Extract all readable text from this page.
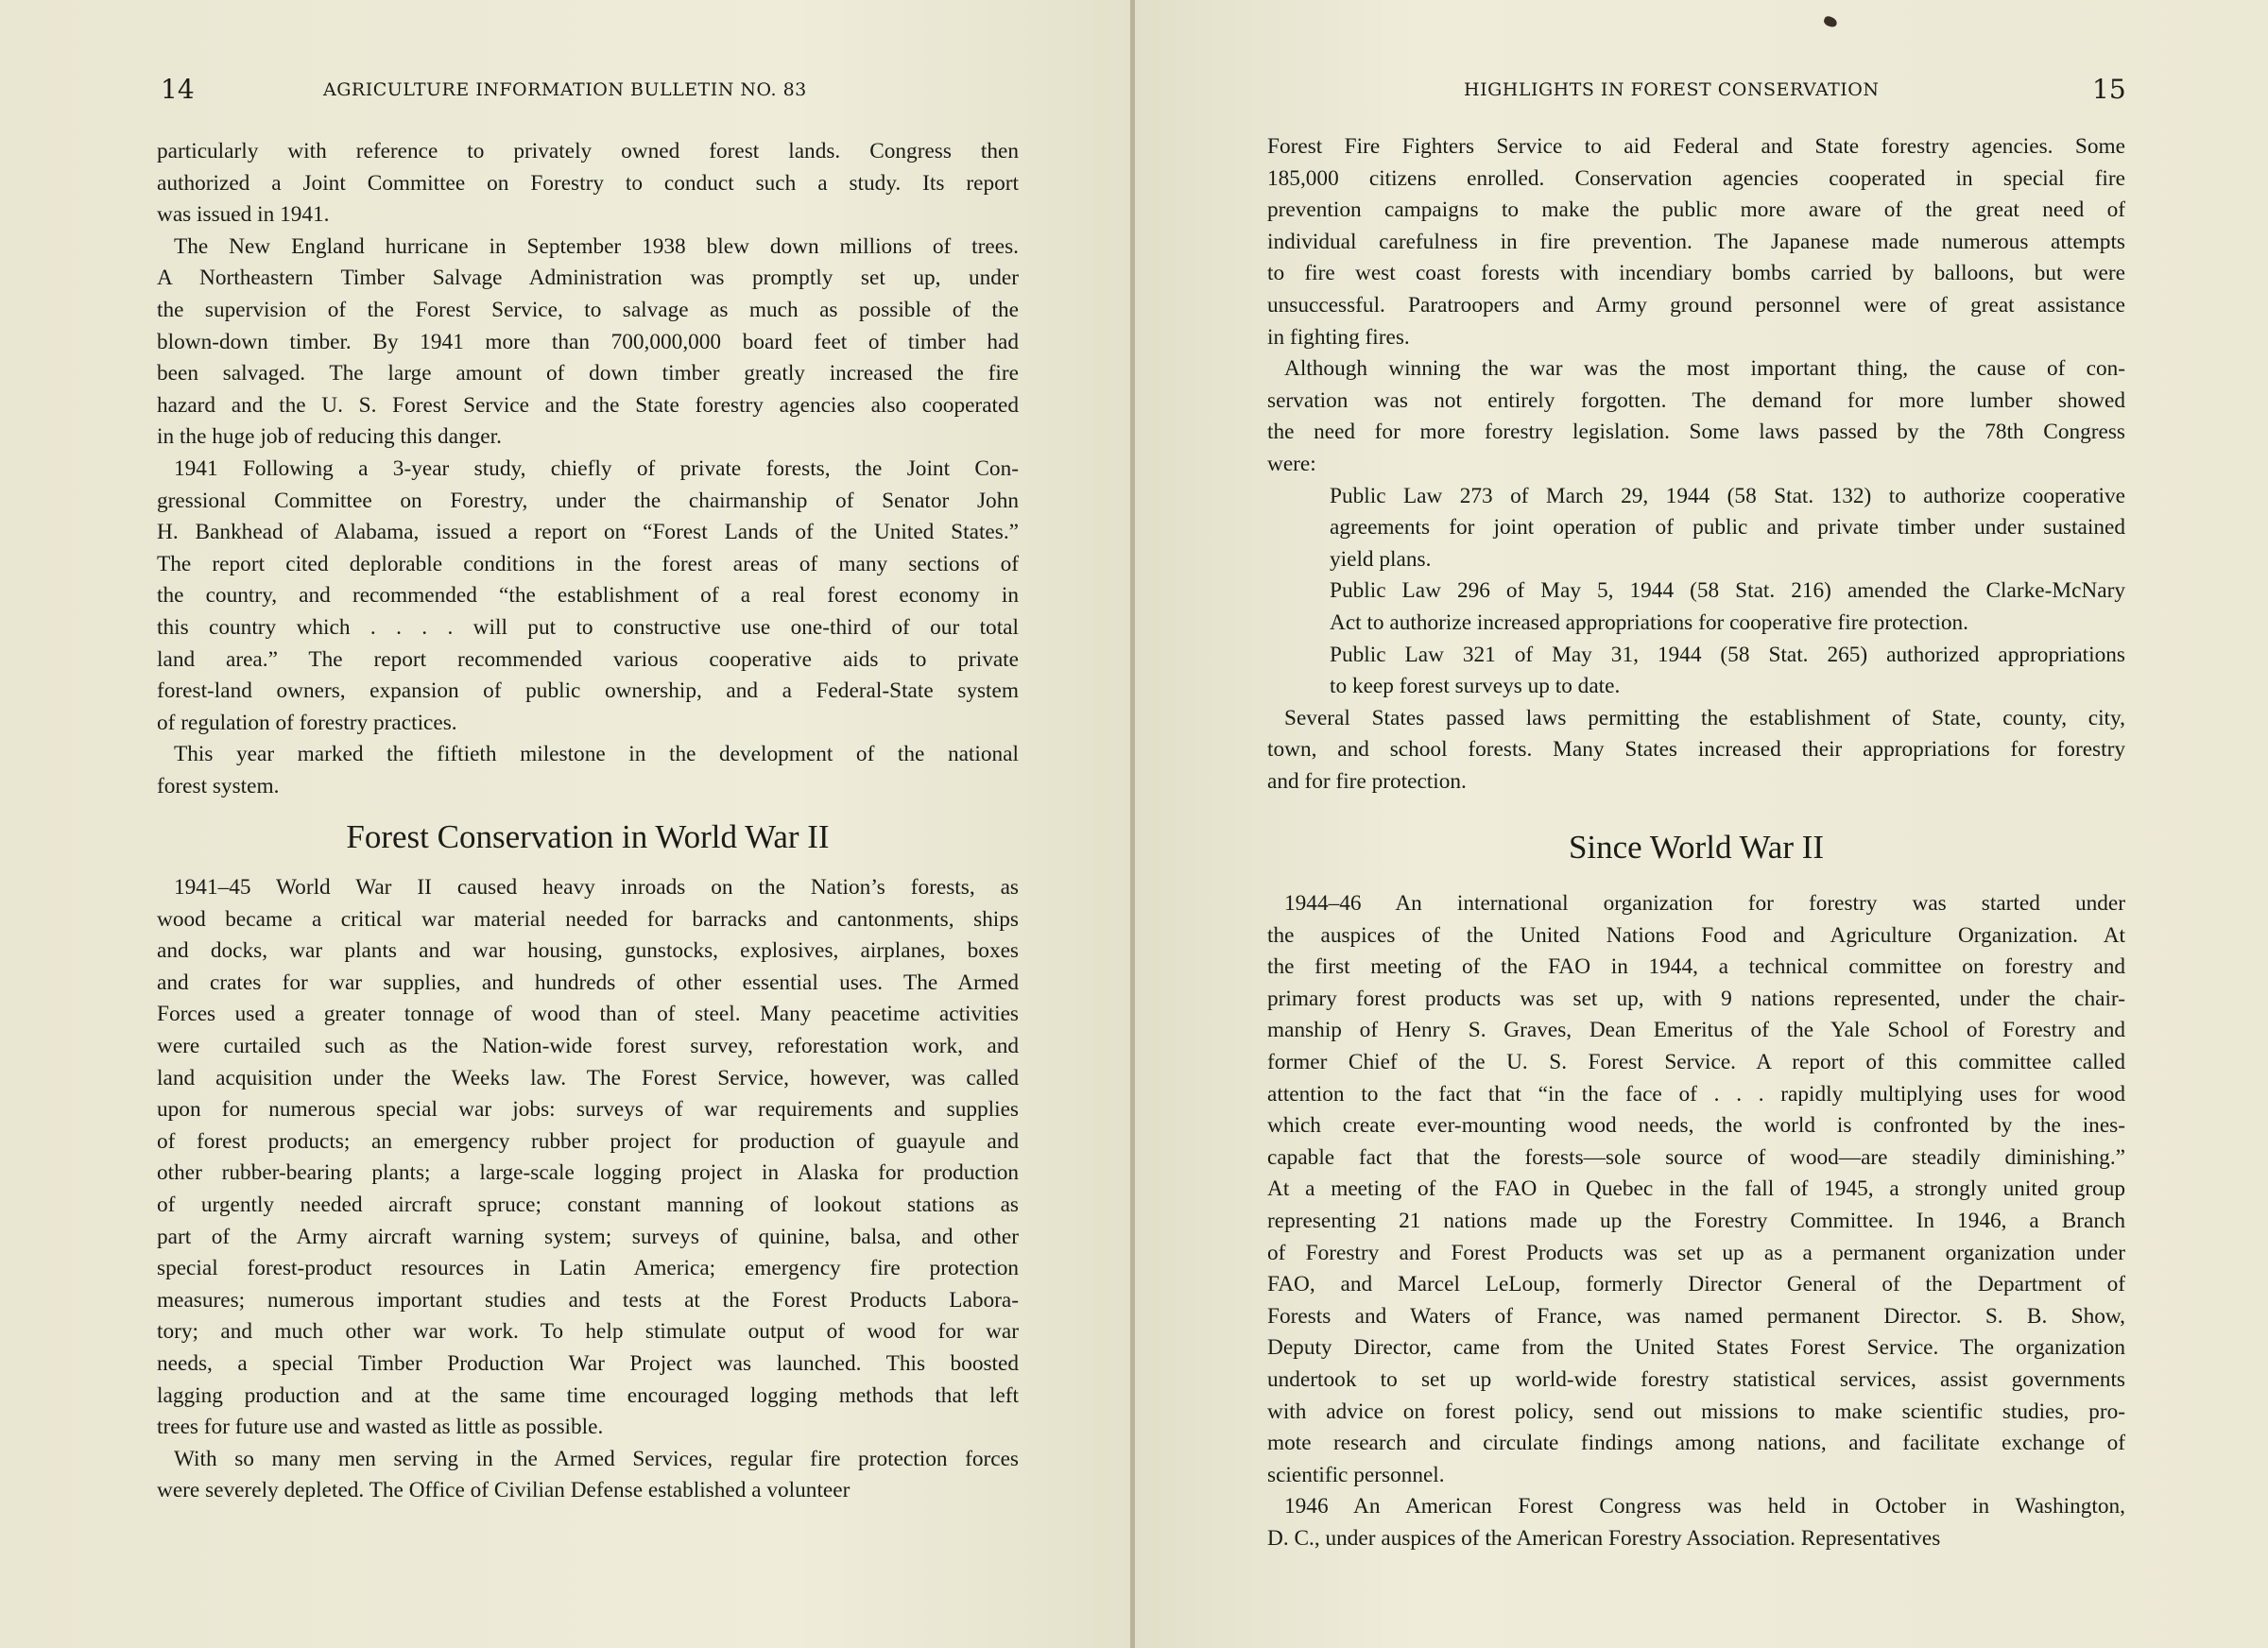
14	AGRICULTURE INFORMATION BULLETIN NO. 83

particularly with reference to privately owned forest lands. Congress then
authorized a Joint Committee on Forestry to conduct such a study. Its report
was issued in 1941.

The New England hurricane in September 1938 blew down millions of trees.
A Northeastern Timber Salvage Administration was promptly set up, under
the supervision of the Forest Service, to salvage as much as possible of the
blown-down timber. By 1941 more than 700,000,000 board feet of timber had
been salvaged. The large amount of down timber greatly increased the fire
hazard and the U. S. Forest Service and the State forestry agencies also cooperated
in the huge job of reducing this danger.

1941 Following a 3-year study, chiefly of private forests, the Joint Con-
gressional Committee on Forestry, under the chairmanship of Senator John
H. Bankhead of Alabama, issued a report on “Forest Lands of the United States.”
The report cited deplorable conditions in the forest areas of many sections of
the country, and recommended “the establishment of a real forest economy in
this country which . . . . will put to constructive use one-third of our total
land area.” The report recommended various cooperative aids to private
forest-land owners, expansion of public ownership, and a Federal-State system
of regulation of forestry practices.

This year marked the fiftieth milestone in the development of the national
forest system.

Forest Conservation in World War II

1941–45 World War II caused heavy inroads on the Nation’s forests, as
wood became a critical war material needed for barracks and cantonments, ships
and docks, war plants and war housing, gunstocks, explosives, airplanes, boxes
and crates for war supplies, and hundreds of other essential uses. The Armed
Forces used a greater tonnage of wood than of steel. Many peacetime activities
were curtailed such as the Nation-wide forest survey, reforestation work, and
land acquisition under the Weeks law. The Forest Service, however, was called
upon for numerous special war jobs: surveys of war requirements and supplies
of forest products; an emergency rubber project for production of guayule and
other rubber-bearing plants; a large-scale logging project in Alaska for production
of urgently needed aircraft spruce; constant manning of lookout stations as
part of the Army aircraft warning system; surveys of quinine, balsa, and other
special forest-product resources in Latin America; emergency fire protection
measures; numerous important studies and tests at the Forest Products Labora-
tory; and much other war work. To help stimulate output of wood for war
needs, a special Timber Production War Project was launched. This boosted
lagging production and at the same time encouraged logging methods that left
trees for future use and wasted as little as possible.

With so many men serving in the Armed Services, regular fire protection forces
were severely depleted. The Office of Civilian Defense established a volunteer

HIGHLIGHTS IN FOREST CONSERVATION	15

Forest Fire Fighters Service to aid Federal and State forestry agencies. Some
185,000 citizens enrolled. Conservation agencies cooperated in special fire
prevention campaigns to make the public more aware of the great need of
individual carefulness in fire prevention. The Japanese made numerous attempts
to fire west coast forests with incendiary bombs carried by balloons, but were
unsuccessful. Paratroopers and Army ground personnel were of great assistance
in fighting fires.

Although winning the war was the most important thing, the cause of con-
servation was not entirely forgotten. The demand for more lumber showed
the need for more forestry legislation. Some laws passed by the 78th Congress
were:

Public Law 273 of March 29, 1944 (58 Stat. 132) to authorize cooperative
agreements for joint operation of public and private timber under sustained
yield plans.

Public Law 296 of May 5, 1944 (58 Stat. 216) amended the Clarke-McNary
Act to authorize increased appropriations for cooperative fire protection.

Public Law 321 of May 31, 1944 (58 Stat. 265) authorized appropriations
to keep forest surveys up to date.

Several States passed laws permitting the establishment of State, county, city,
town, and school forests. Many States increased their appropriations for forestry
and for fire protection.

Since World War II

1944–46 An international organization for forestry was started under
the auspices of the United Nations Food and Agriculture Organization. At
the first meeting of the FAO in 1944, a technical committee on forestry and
primary forest products was set up, with 9 nations represented, under the chair-
manship of Henry S. Graves, Dean Emeritus of the Yale School of Forestry and
former Chief of the U. S. Forest Service. A report of this committee called
attention to the fact that “in the face of . . . rapidly multiplying uses for wood
which create ever-mounting wood needs, the world is confronted by the ines-
capable fact that the forests—sole source of wood—are steadily diminishing.”
At a meeting of the FAO in Quebec in the fall of 1945, a strongly united group
representing 21 nations made up the Forestry Committee. In 1946, a Branch
of Forestry and Forest Products was set up as a permanent organization under
FAO, and Marcel LeLoup, formerly Director General of the Department of
Forests and Waters of France, was named permanent Director. S. B. Show,
Deputy Director, came from the United States Forest Service. The organization
undertook to set up world-wide forestry statistical services, assist governments
with advice on forest policy, send out missions to make scientific studies, pro-
mote research and circulate findings among nations, and facilitate exchange of
scientific personnel.

1946 An American Forest Congress was held in October in Washington,
D. C., under auspices of the American Forestry Association. Representatives
